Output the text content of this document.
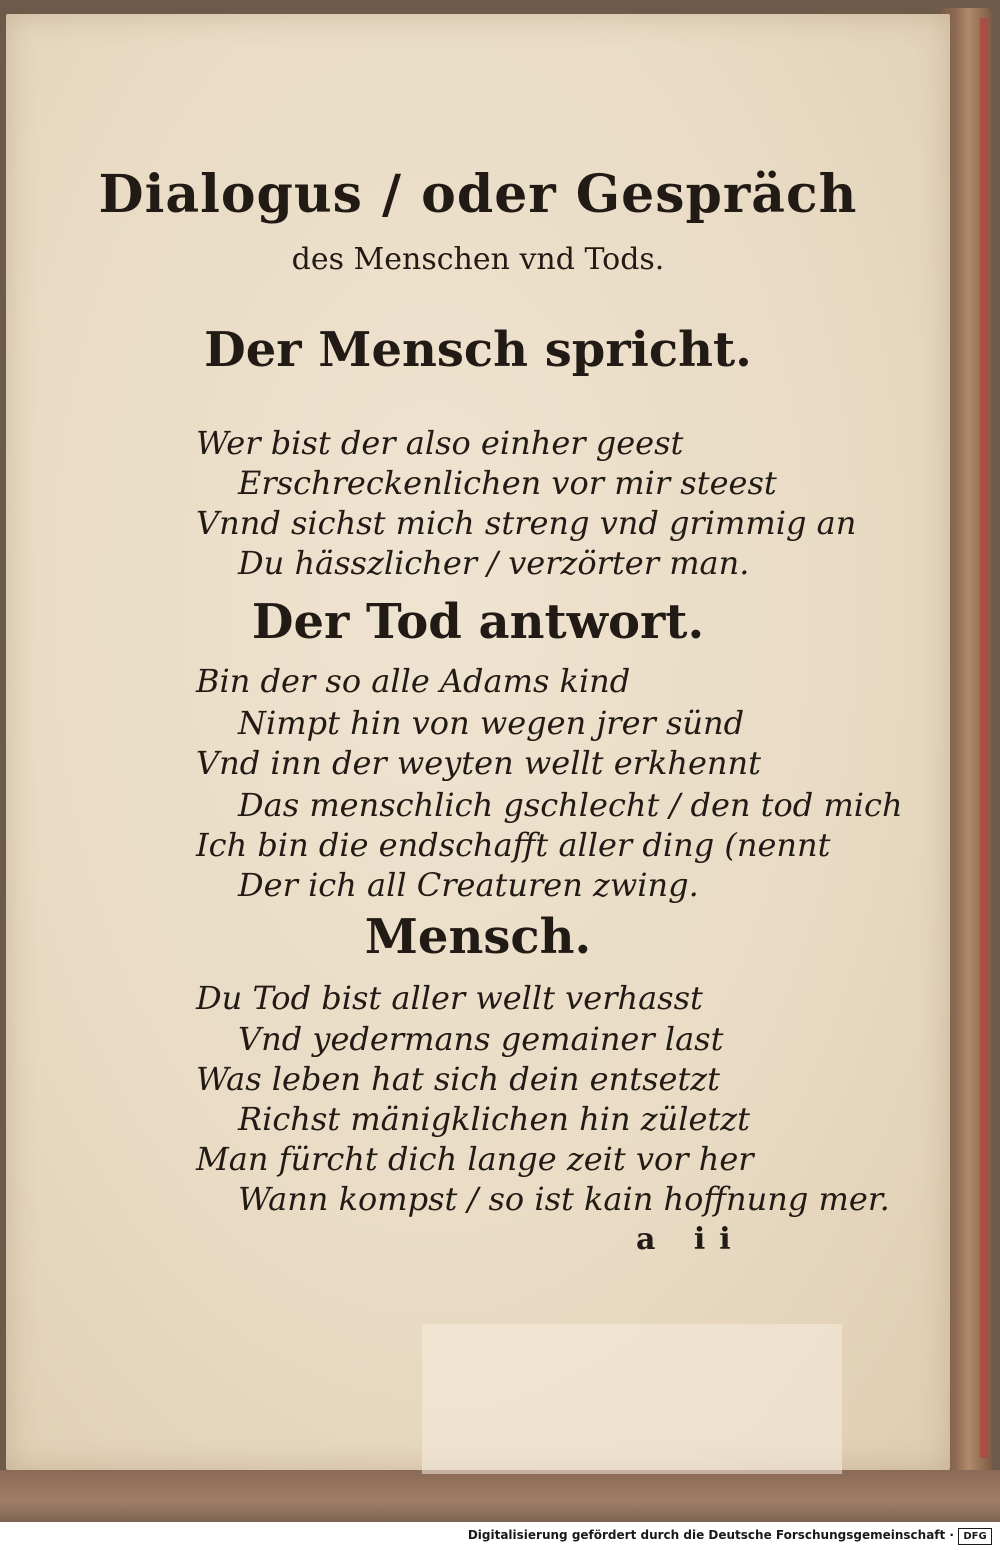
Dialogus / oder Gespräch
des Menschen vnd Tods.
Der Mensch spricht.
Wer bist der also einher geest
Erschreckenlichen vor mir steest
Vnnd sichst mich streng vnd grimmig an
Du hässzlicher / verzörter man.
Der Tod antwort.
Bin der so alle Adams kind
Nimpt hin von wegen jrer sünd
Vnd inn der weyten wellt erkhennt
Das menschlich gschlecht / den tod mich
Ich bin die endschafft aller ding (nennt
Der ich all Creaturen zwing.
Mensch.
Du Tod bist aller wellt verhasst
Vnd yedermans gemainer last
Was leben hat sich dein entsetzt
Richst mänigklichen hin zületzt
Man fürcht dich lange zeit vor her
Wann kompst / so ist kain hoffnung mer.
a ii
Digitalisierung gefördert durch die Deutsche Forschungsgemeinschaft · DFG
